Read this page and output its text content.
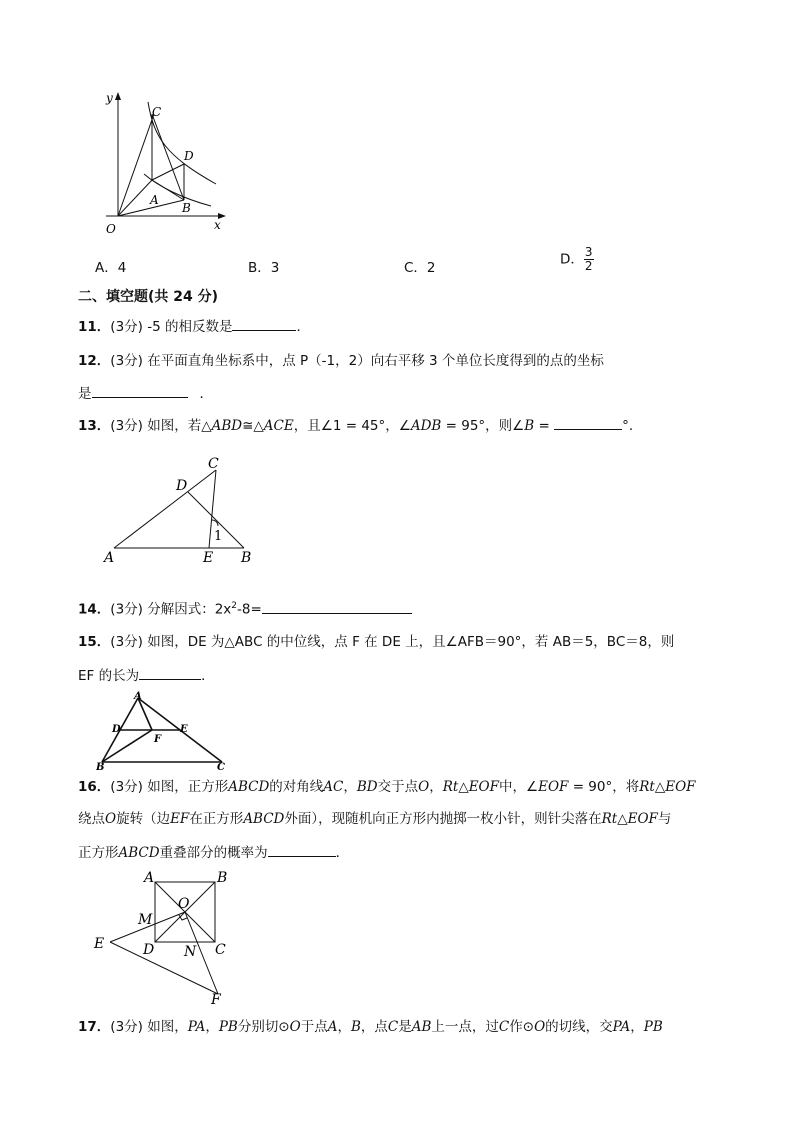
y
x
O
A
B
C
D
A．4	B．3	C．2
D． $\frac{3}{2}$
二、填空题(共 24 分)
11．(3分) -5 的相反数是	．
12．(3分) 在平面直角坐标系中，点 P（-1，2）向右平移 3 个单位长度得到的点的坐标
是	．
13．(3分) 如图，若△ABD≅△ACE，且∠1 = 45°，∠ADB = 95°，则∠B =	°.
A	B
C
D
E
1
14．(3分) 分解因式：$2x^2-8=$
15．(3分) 如图，DE 为△ABC 的中位线，点 F 在 DE 上，且∠AFB＝90°，若 AB＝5，BC＝8，则
EF 的长为	．
A
B	C
D	E
F
16．(3分) 如图，正方形ABCD的对角线AC，BD交于点O，Rt△EOF中，∠EOF = 90°，将Rt△EOF
绕点O旋转（边EF在正方形ABCD外面），现随机向正方形内抛掷一枚小针，则针尖落在Rt△EOF与
正方形ABCD重叠部分的概率为	．
A	B
C
D
E
F
M
N
O
17．(3分) 如图，PA，PB分别切⊙O于点A，B，点C是AB上一点，过C作⊙O的切线，交PA，PB
